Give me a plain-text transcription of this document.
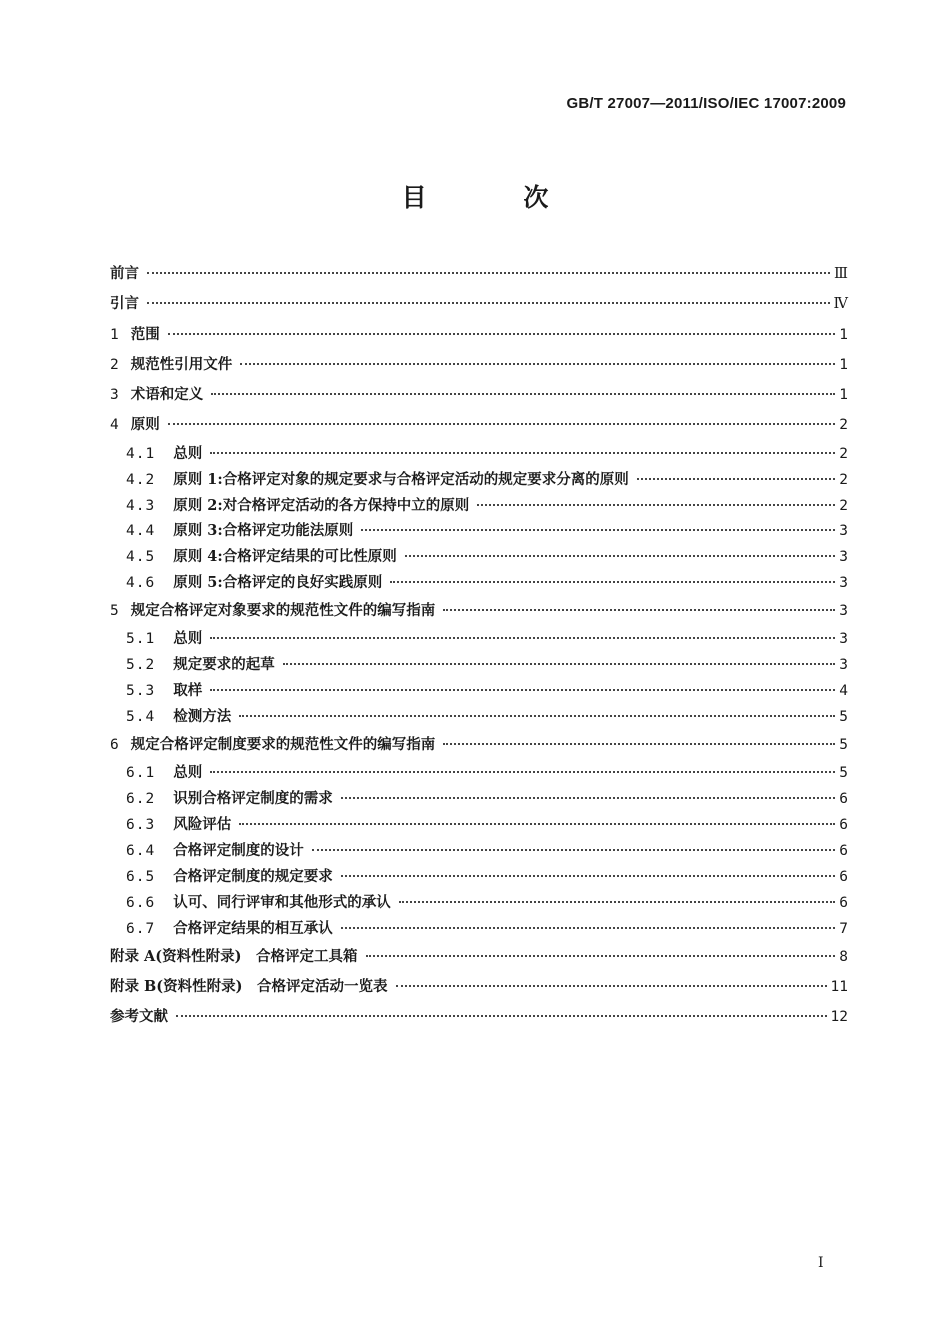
GB/T 27007—2011/ISO/IEC 17007:2009
目 次
前言	Ⅲ
引言	Ⅳ
1 范围	1
2 规范性引用文件	1
3 术语和定义	1
4 原则	2
4.1 总则	2
4.2 原则 1:合格评定对象的规定要求与合格评定活动的规定要求分离的原则	2
4.3 原则 2:对合格评定活动的各方保持中立的原则	2
4.4 原则 3:合格评定功能法原则	3
4.5 原则 4:合格评定结果的可比性原则	3
4.6 原则 5:合格评定的良好实践原则	3
5 规定合格评定对象要求的规范性文件的编写指南	3
5.1 总则	3
5.2 规定要求的起草	3
5.3 取样	4
5.4 检测方法	5
6 规定合格评定制度要求的规范性文件的编写指南	5
6.1 总则	5
6.2 识别合格评定制度的需求	6
6.3 风险评估	6
6.4 合格评定制度的设计	6
6.5 合格评定制度的规定要求	6
6.6 认可、同行评审和其他形式的承认	6
6.7 合格评定结果的相互承认	7
附录 A(资料性附录)　合格评定工具箱	8
附录 B(资料性附录)　合格评定活动一览表	11
参考文献	12
I
